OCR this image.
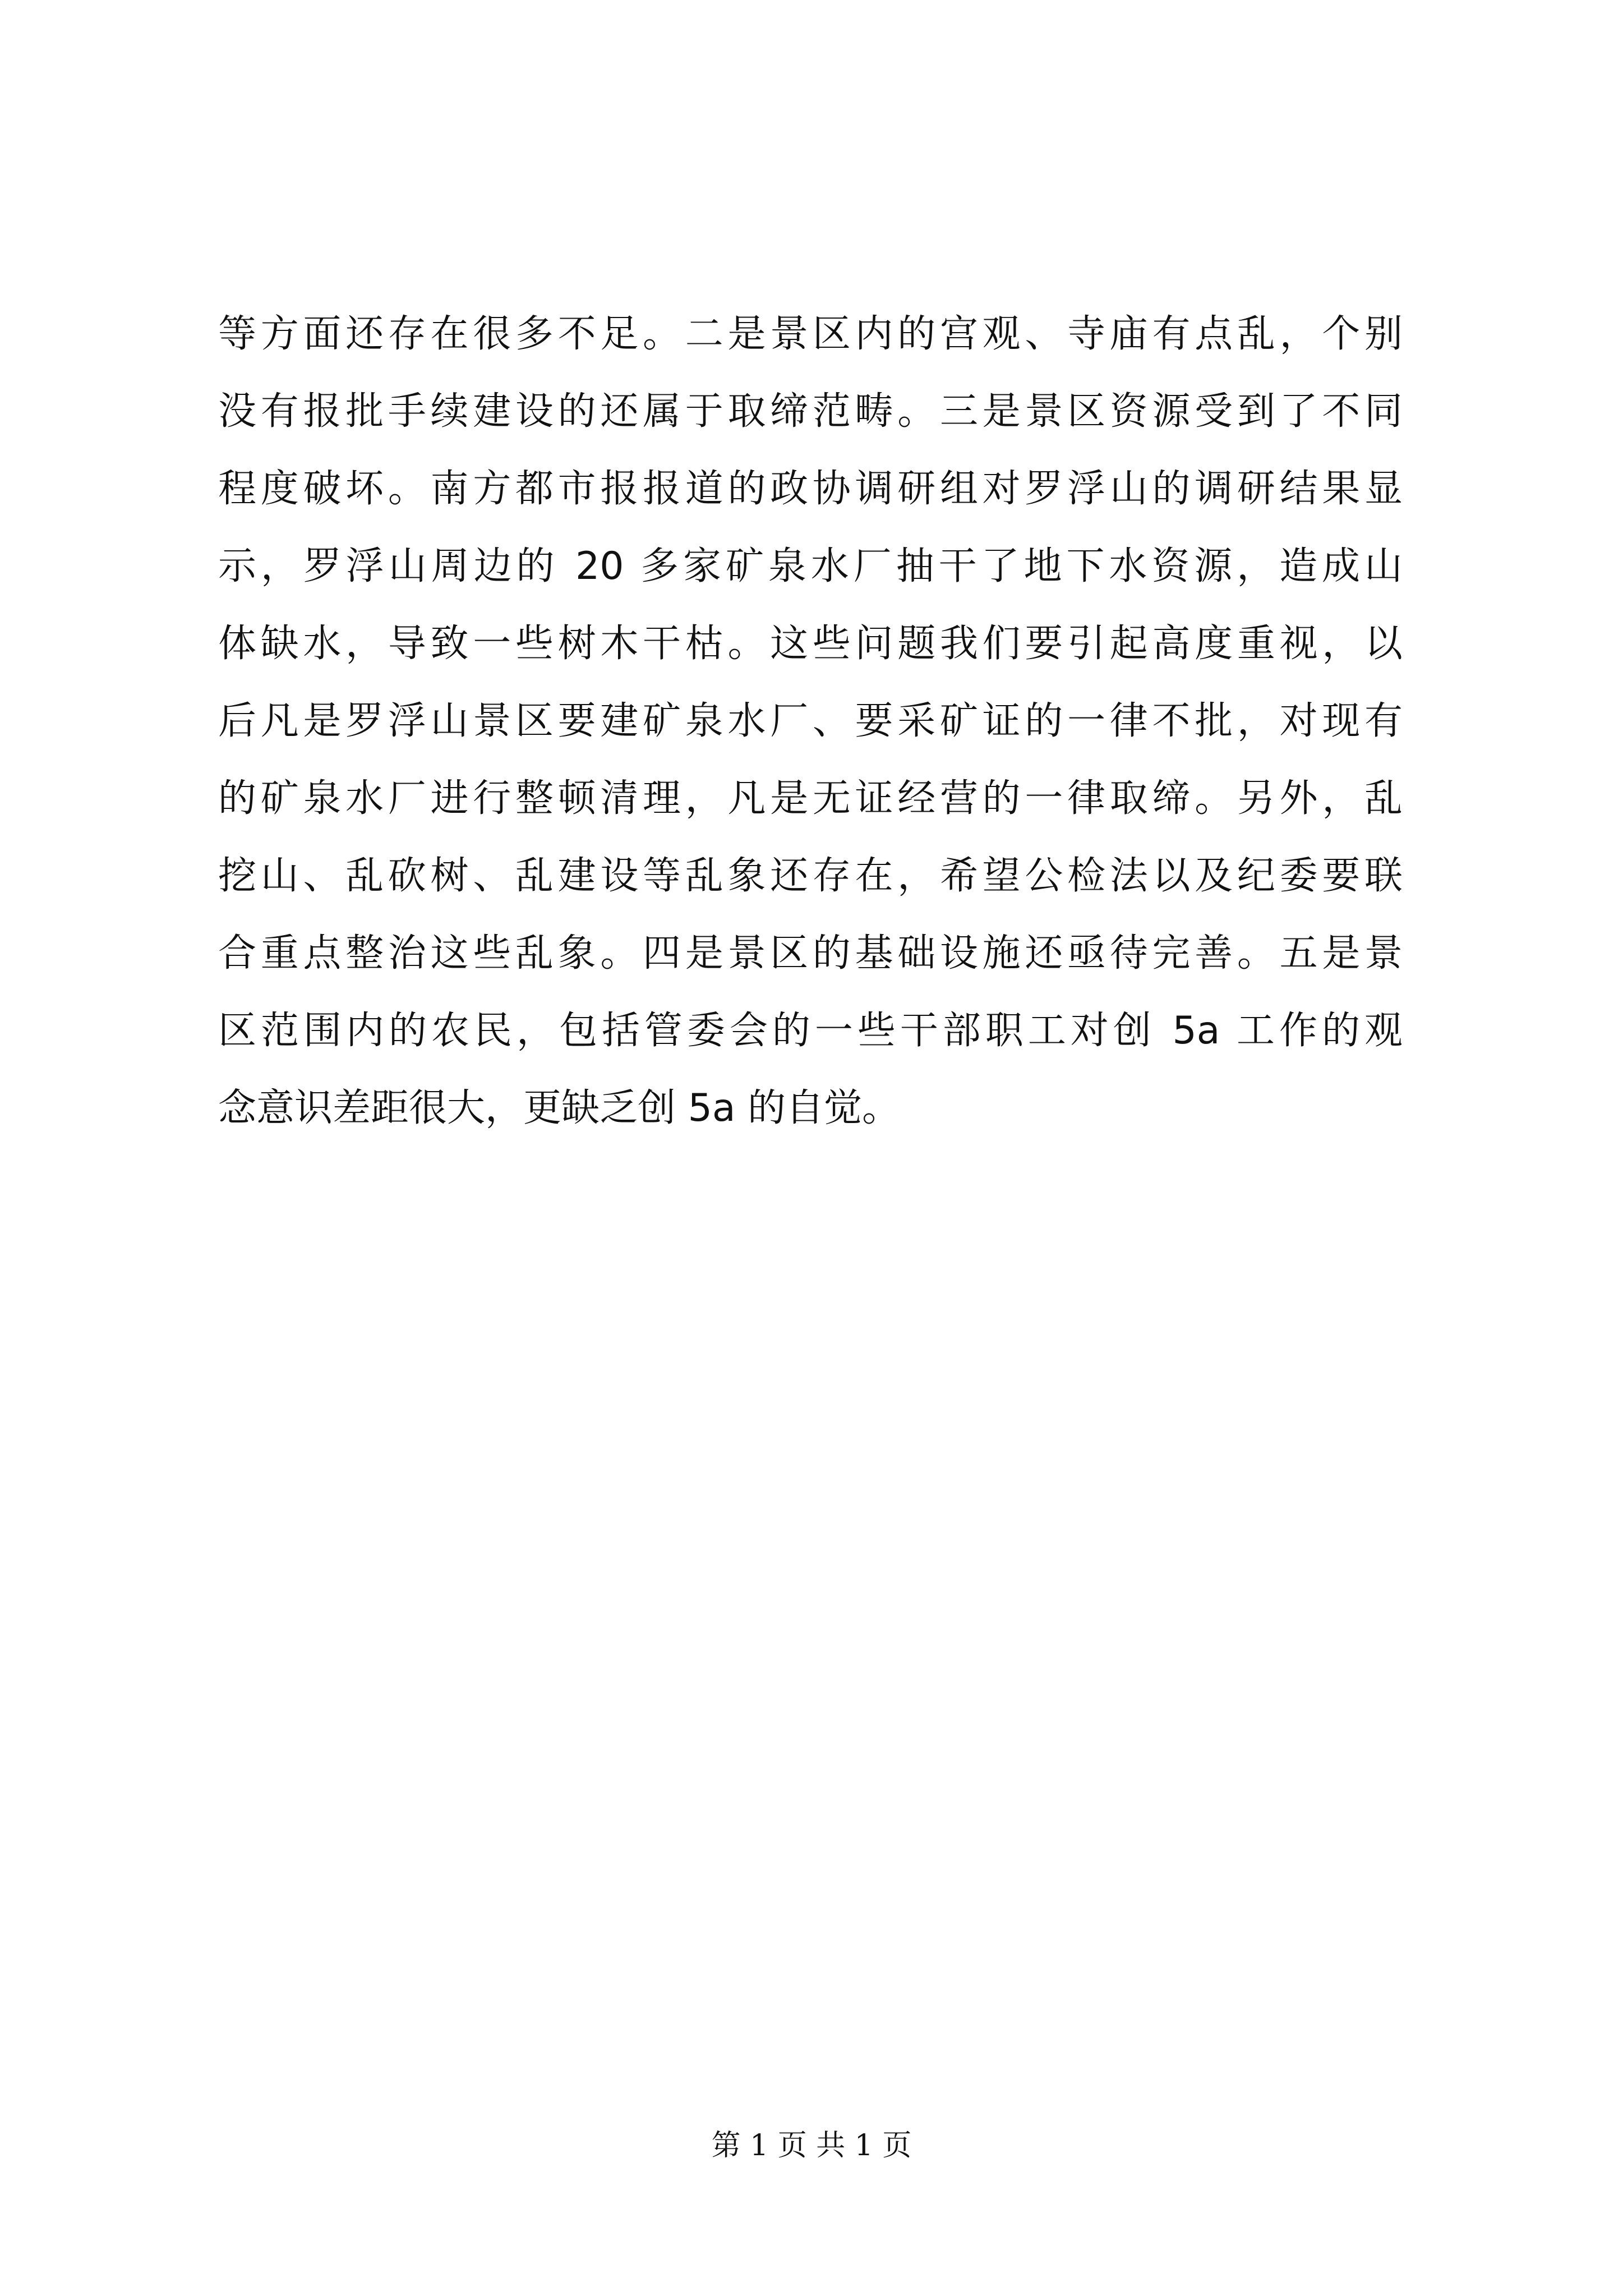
等方面还存在很多不足。二是景区内的宫观、寺庙有点乱，个别
没有报批手续建设的还属于取缔范畴。三是景区资源受到了不同
程度破坏。南方都市报报道的政协调研组对罗浮山的调研结果显
示，罗浮山周边的 20 多家矿泉水厂抽干了地下水资源，造成山
体缺水，导致一些树木干枯。这些问题我们要引起高度重视，以
后凡是罗浮山景区要建矿泉水厂、要采矿证的一律不批，对现有
的矿泉水厂进行整顿清理，凡是无证经营的一律取缔。另外，乱
挖山、乱砍树、乱建设等乱象还存在，希望公检法以及纪委要联
合重点整治这些乱象。四是景区的基础设施还亟待完善。五是景
区范围内的农民，包括管委会的一些干部职工对创 5a 工作的观
念意识差距很大，更缺乏创 5a 的自觉。
第 1 页 共 1 页
